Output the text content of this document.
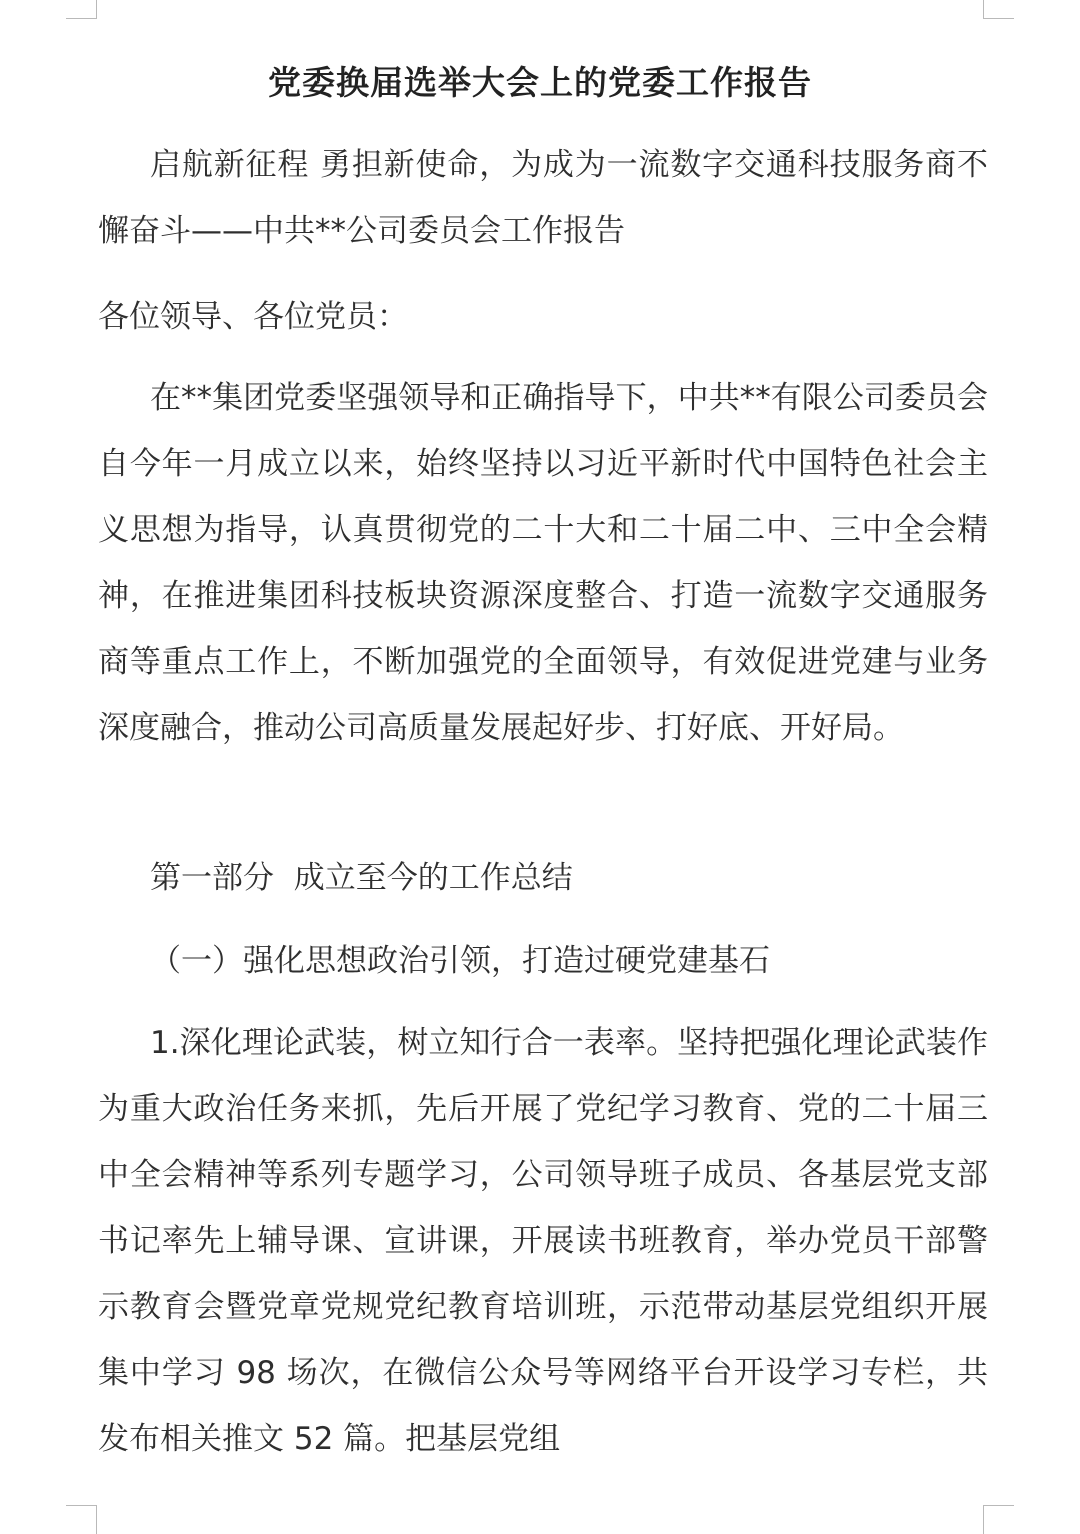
党委换届选举大会上的党委工作报告
启航新征程 勇担新使命，为成为一流数字交通科技服务商不懈奋斗——中共**公司委员会工作报告
各位领导、各位党员：
在**集团党委坚强领导和正确指导下，中共**有限公司委员会自今年一月成立以来，始终坚持以习近平新时代中国特色社会主义思想为指导，认真贯彻党的二十大和二十届二中、三中全会精神，在推进集团科技板块资源深度整合、打造一流数字交通服务商等重点工作上，不断加强党的全面领导，有效促进党建与业务深度融合，推动公司高质量发展起好步、打好底、开好局。
第一部分  成立至今的工作总结
（一）强化思想政治引领，打造过硬党建基石
1.深化理论武装，树立知行合一表率。坚持把强化理论武装作为重大政治任务来抓，先后开展了党纪学习教育、党的二十届三中全会精神等系列专题学习，公司领导班子成员、各基层党支部书记率先上辅导课、宣讲课，开展读书班教育，举办党员干部警示教育会暨党章党规党纪教育培训班，示范带动基层党组织开展集中学习 98 场次，在微信公众号等网络平台开设学习专栏，共发布相关推文 52 篇。把基层党组
